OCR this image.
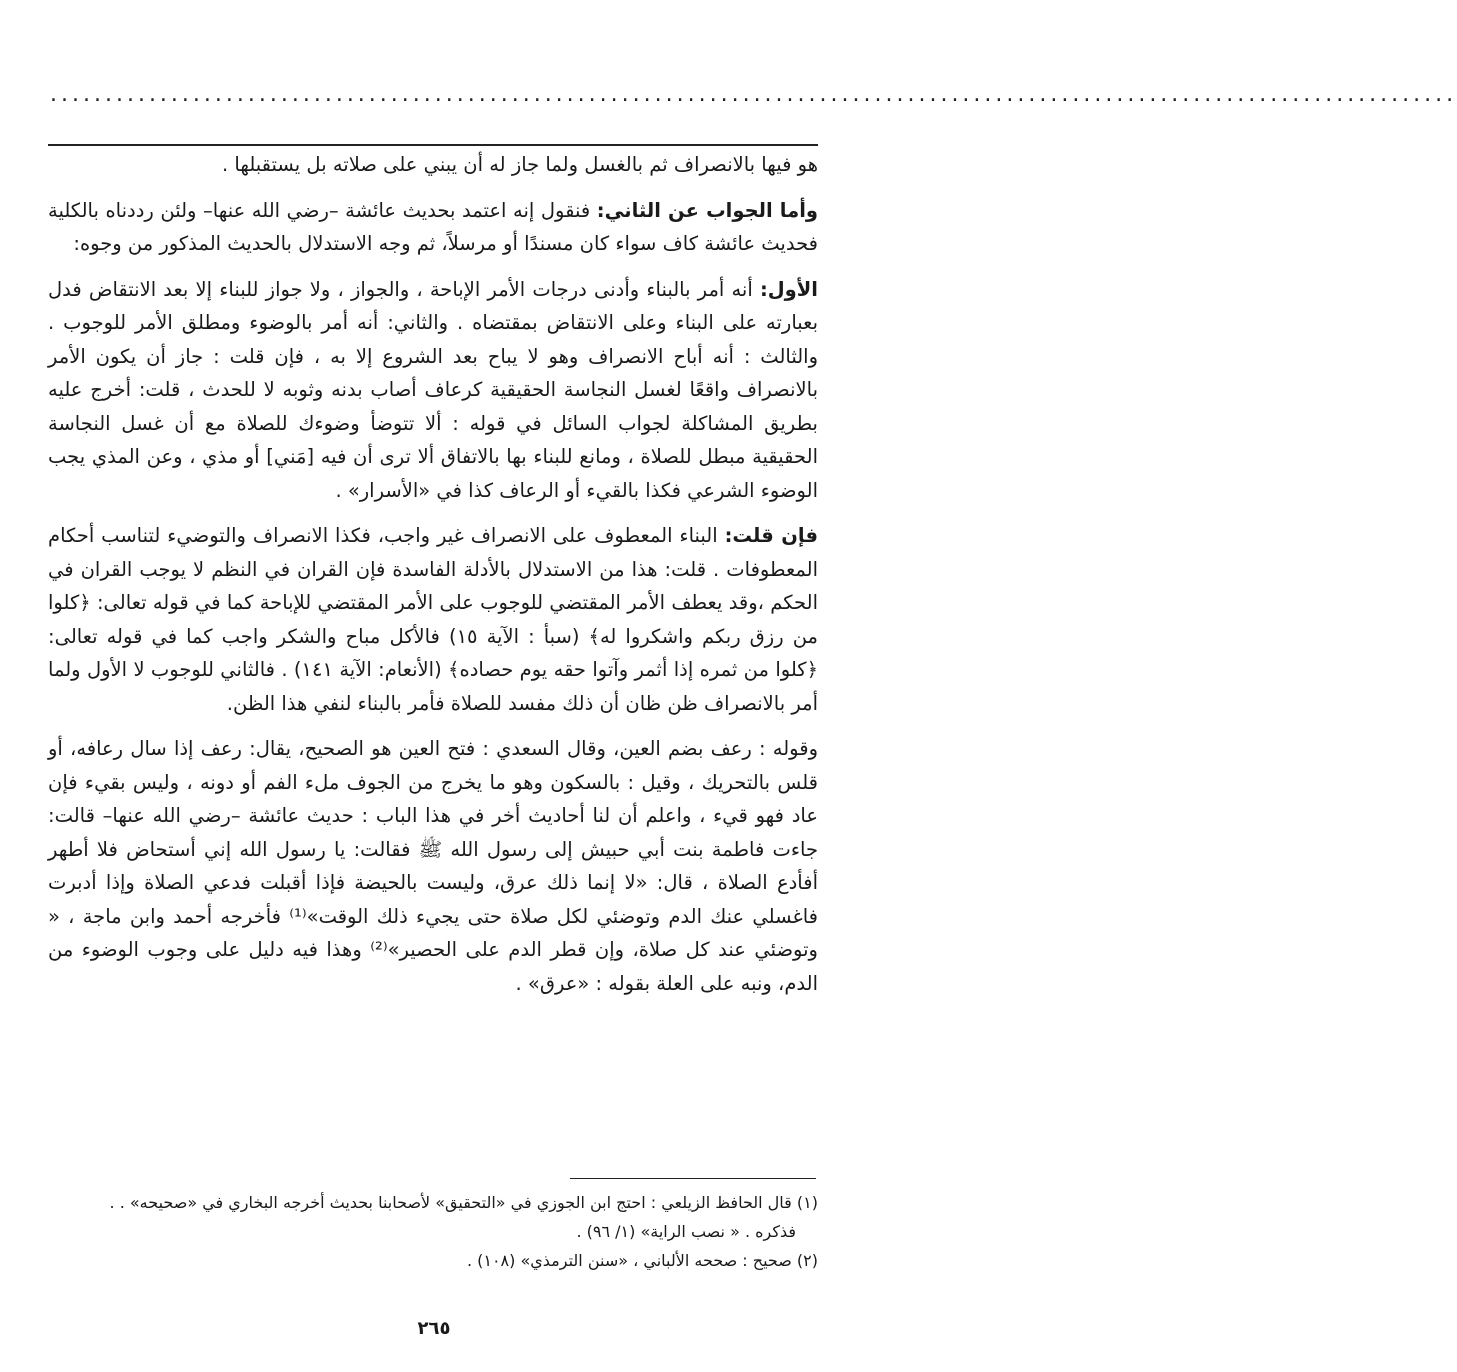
................................................................................................................................

هو فيها بالانصراف ثم بالغسل ولما جاز له أن يبني على صلاته بل يستقبلها .

وأما الجواب عن الثاني: فنقول إنه اعتمد بحديث عائشة –رضي الله عنها– ولئن رددناه بالكلية فحديث عائشة كاف سواء كان مسندًا أو مرسلاً، ثم وجه الاستدلال بالحديث المذكور من وجوه:

الأول: أنه أمر بالبناء وأدنى درجات الأمر الإباحة ، والجواز ، ولا جواز للبناء إلا بعد الانتقاض فدل بعبارته على البناء وعلى الانتقاض بمقتضاه . والثاني: أنه أمر بالوضوء ومطلق الأمر للوجوب . والثالث : أنه أباح الانصراف وهو لا يباح بعد الشروع إلا به ، فإن قلت : جاز أن يكون الأمر بالانصراف واقعًا لغسل النجاسة الحقيقية كرعاف أصاب بدنه وثوبه لا للحدث ، قلت: أخرج عليه بطريق المشاكلة لجواب السائل في قوله : ألا تتوضأ وضوءك للصلاة مع أن غسل النجاسة الحقيقية مبطل للصلاة ، ومانع للبناء بها بالاتفاق ألا ترى أن فيه [مَني] أو مذي ، وعن المذي يجب الوضوء الشرعي فكذا بالقيء أو الرعاف كذا في «الأسرار» .

فإن قلت: البناء المعطوف على الانصراف غير واجب، فكذا الانصراف والتوضيء لتناسب أحكام المعطوفات . قلت: هذا من الاستدلال بالأدلة الفاسدة فإن القران في النظم لا يوجب القران في الحكم ،وقد يعطف الأمر المقتضي للوجوب على الأمر المقتضي للإباحة كما في قوله تعالى: ﴿كلوا من رزق ربكم واشكروا له﴾ (سبأ : الآية ١٥) فالأكل مباح والشكر واجب كما في قوله تعالى: ﴿كلوا من ثمره إذا أثمر وآتوا حقه يوم حصاده﴾ (الأنعام: الآية ١٤١) . فالثاني للوجوب لا الأول ولما أمر بالانصراف ظن ظان أن ذلك مفسد للصلاة فأمر بالبناء لنفي هذا الظن.

وقوله : رعف بضم العين، وقال السعدي : فتح العين هو الصحيح، يقال: رعف إذا سال رعافه، أو قلس بالتحريك ، وقيل : بالسكون وهو ما يخرج من الجوف ملء الفم أو دونه ، وليس بقيء فإن عاد فهو قيء ، واعلم أن لنا أحاديث أخر في هذا الباب : حديث عائشة –رضي الله عنها– قالت: جاءت فاطمة بنت أبي حبيش إلى رسول الله ﷺ فقالت: يا رسول الله إني أستحاض فلا أطهر أفأدع الصلاة ، قال: «لا إنما ذلك عرق، وليست بالحيضة فإذا أقبلت فدعي الصلاة وإذا أدبرت فاغسلي عنك الدم وتوضئي لكل صلاة حتى يجيء ذلك الوقت»⁽¹⁾ فأخرجه أحمد وابن ماجة ، « وتوضئي عند كل صلاة، وإن قطر الدم على الحصير»⁽²⁾ وهذا فيه دليل على وجوب الوضوء من الدم، ونبه على العلة بقوله : «عرق» .

(١) قال الحافظ الزيلعي : احتج ابن الجوزي في «التحقيق» لأصحابنا بحديث أخرجه البخاري في «صحيحه» . .

فذكره . « نصب الراية» (١/ ٩٦) .

(٢) صحيح : صححه الألباني ، «سنن الترمذي» (١٠٨) .

٢٦٥
